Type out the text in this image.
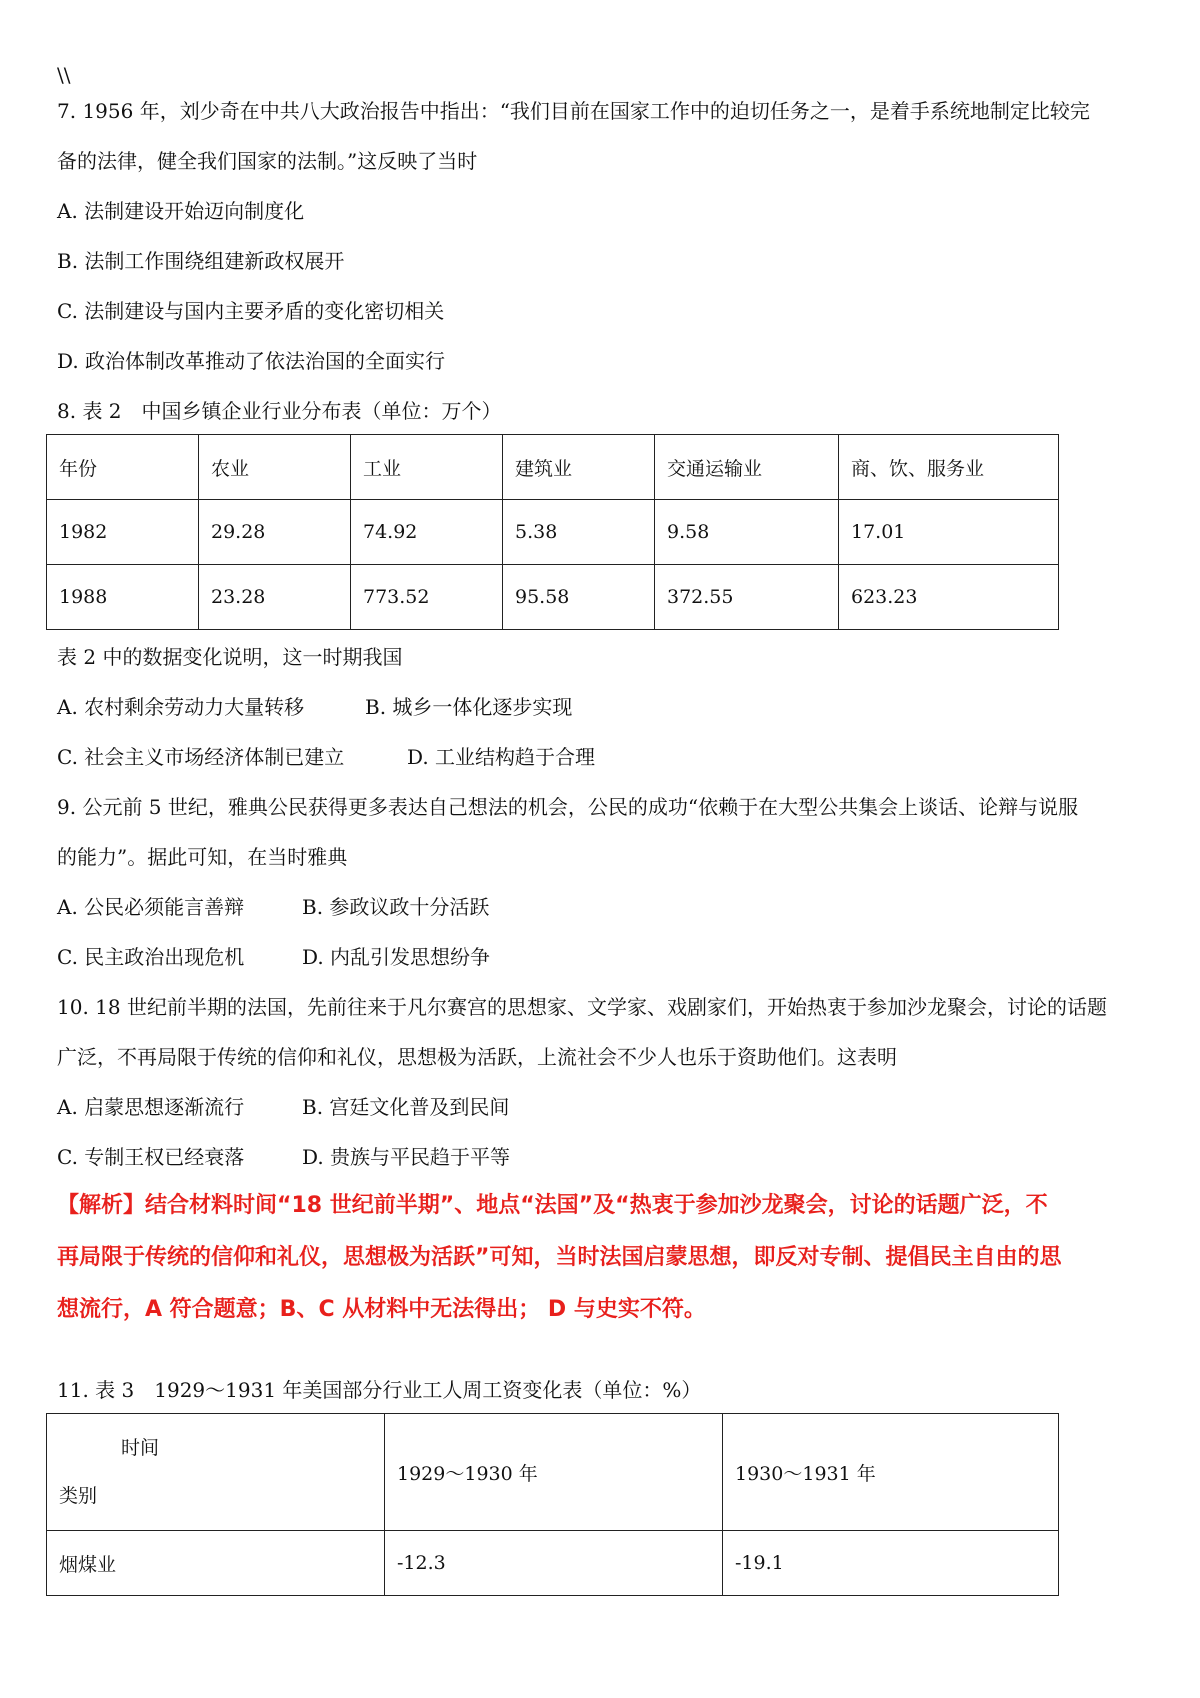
\\
7. 1956 年，刘少奇在中共八大政治报告中指出：“我们目前在国家工作中的迫切任务之一，是着手系统地制定比较完
备的法律，健全我们国家的法制。”这反映了当时
A. 法制建设开始迈向制度化
B. 法制工作围绕组建新政权展开
C. 法制建设与国内主要矛盾的变化密切相关
D. 政治体制改革推动了依法治国的全面实行
8. 表 2　中国乡镇企业行业分布表（单位：万个）
年份	农业	工业	建筑业	交通运输业	商、饮、服务业
1982	29.28	74.92	5.38	9.58	17.01
1988	23.28	773.52	95.58	372.55	623.23
表 2 中的数据变化说明，这一时期我国
A. 农村剩余劳动力大量转移	B. 城乡一体化逐步实现
C. 社会主义市场经济体制已建立	D. 工业结构趋于合理
9. 公元前 5 世纪，雅典公民获得更多表达自己想法的机会，公民的成功“依赖于在大型公共集会上谈话、论辩与说服
的能力”。据此可知，在当时雅典
A. 公民必须能言善辩	B. 参政议政十分活跃
C. 民主政治出现危机	D. 内乱引发思想纷争
10. 18 世纪前半期的法国，先前往来于凡尔赛宫的思想家、文学家、戏剧家们，开始热衷于参加沙龙聚会，讨论的话题
广泛，不再局限于传统的信仰和礼仪，思想极为活跃，上流社会不少人也乐于资助他们。这表明
A. 启蒙思想逐渐流行	B. 宫廷文化普及到民间
C. 专制王权已经衰落	D. 贵族与平民趋于平等
【解析】结合材料时间“18 世纪前半期”、地点“法国”及“热衷于参加沙龙聚会，讨论的话题广泛，不
再局限于传统的信仰和礼仪，思想极为活跃”可知，当时法国启蒙思想，即反对专制、提倡民主自由的思
想流行，A 符合题意；B、C 从材料中无法得出； D 与史实不符。
11. 表 3　1929～1931 年美国部分行业工人周工资变化表（单位：%）
时间
类别	1929～1930 年	1930～1931 年
烟煤业	-12.3	-19.1
